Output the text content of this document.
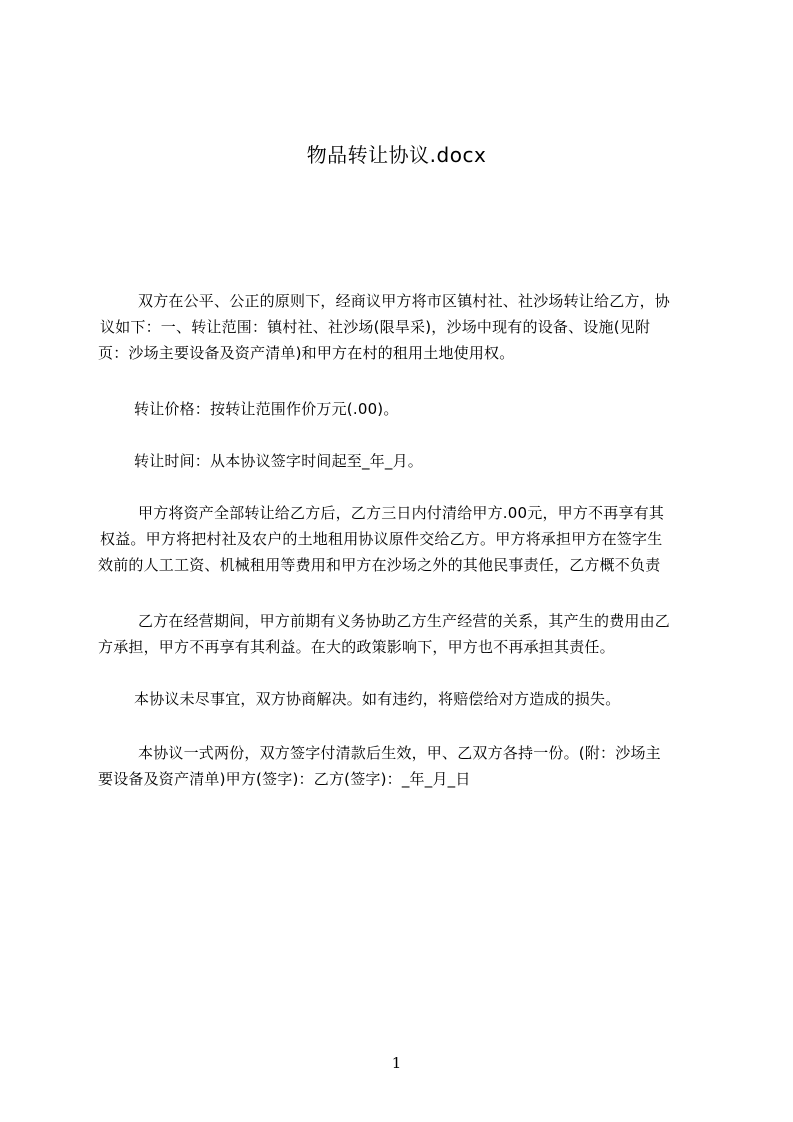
物品转让协议.docx
双方在公平、公正的原则下，经商议甲方将市区镇村社、社沙场转让给乙方，协
议如下：一、转让范围：镇村社、社沙场(限旱采)，沙场中现有的设备、设施(见附
页：沙场主要设备及资产清单)和甲方在村的租用土地使用权。
转让价格：按转让范围作价万元(.00)。
转让时间：从本协议签字时间起至_年_月。
甲方将资产全部转让给乙方后，乙方三日内付清给甲方.00元，甲方不再享有其
权益。甲方将把村社及农户的土地租用协议原件交给乙方。甲方将承担甲方在签字生
效前的人工工资、机械租用等费用和甲方在沙场之外的其他民事责任，乙方概不负责
乙方在经营期间，甲方前期有义务协助乙方生产经营的关系，其产生的费用由乙
方承担，甲方不再享有其利益。在大的政策影响下，甲方也不再承担其责任。
本协议未尽事宜，双方协商解决。如有违约，将赔偿给对方造成的损失。
本协议一式两份，双方签字付清款后生效，甲、乙双方各持一份。(附：沙场主
要设备及资产清单)甲方(签字)：乙方(签字)：_年_月_日
1
